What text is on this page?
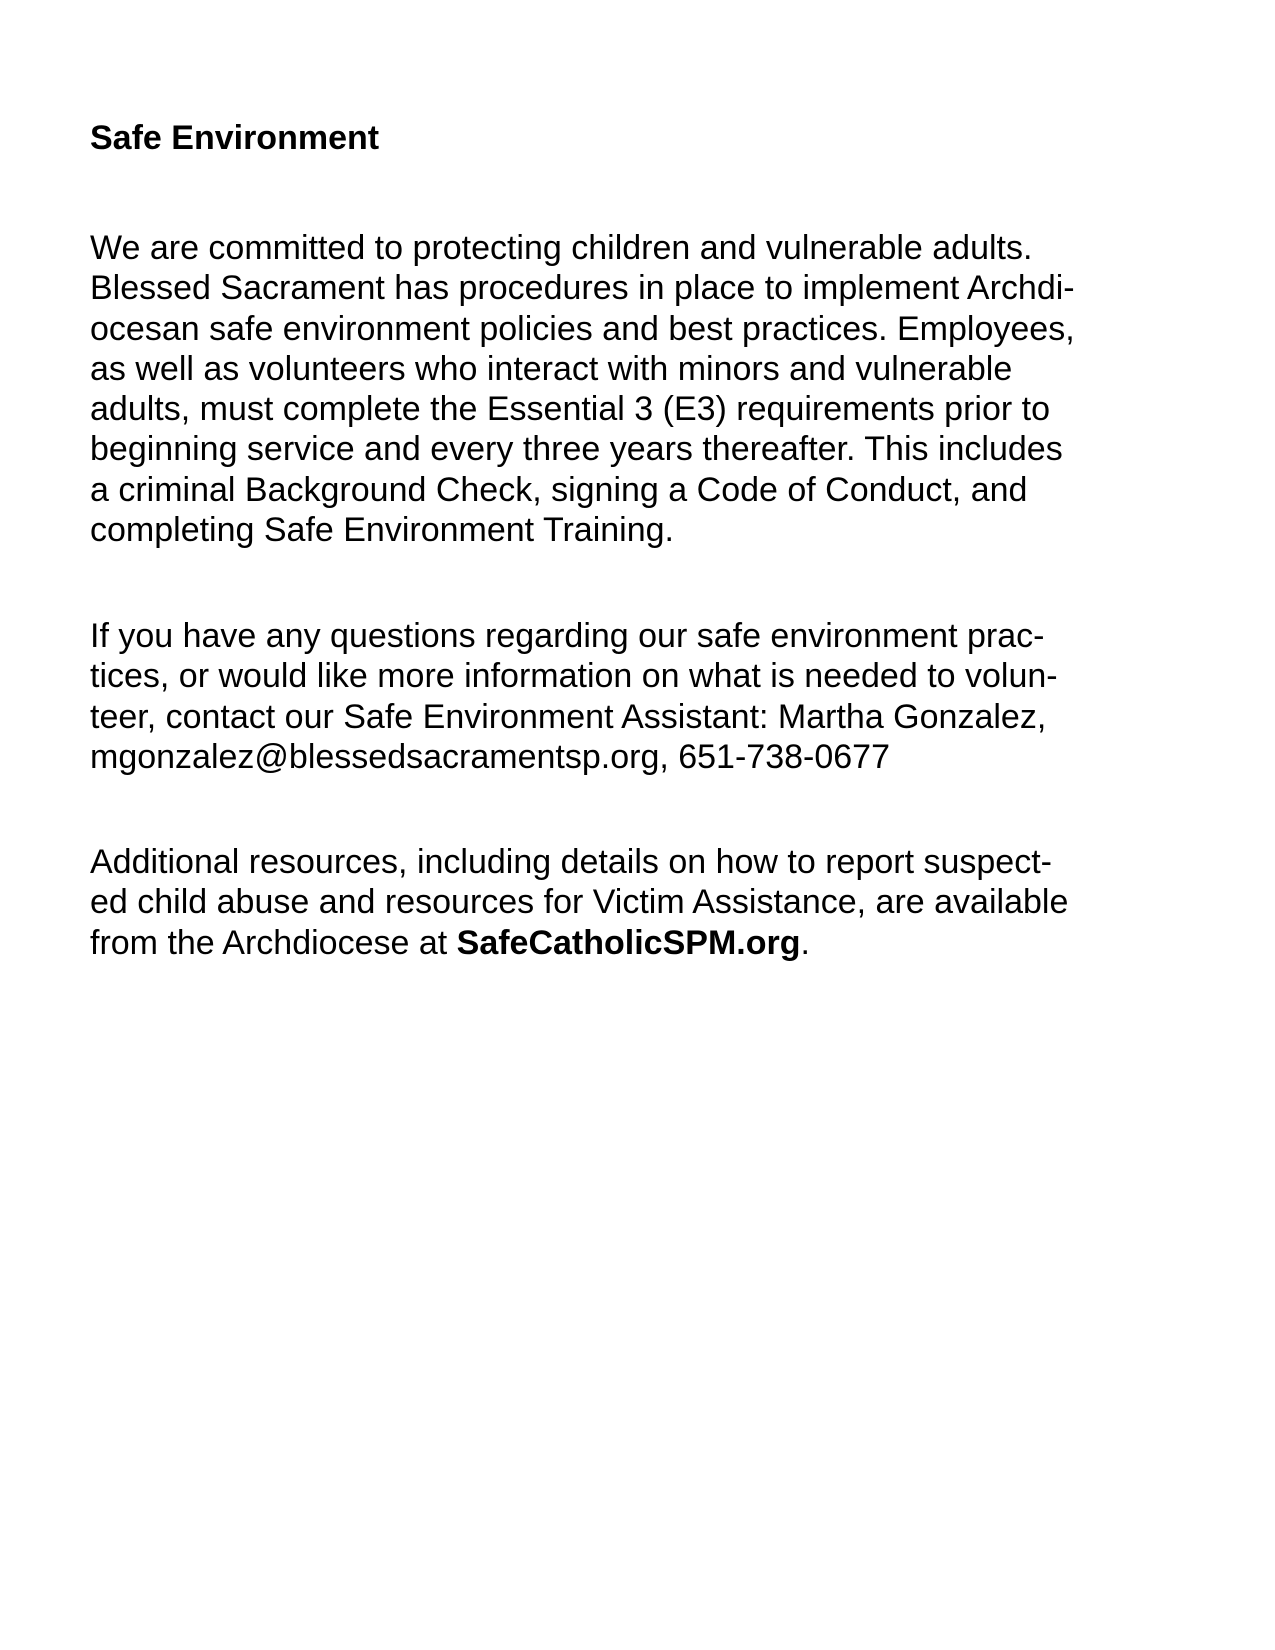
Safe Environment

We are committed to protecting children and vulnerable adults.
Blessed Sacrament has procedures in place to implement Archdi-
ocesan safe environment policies and best practices. Employees,
as well as volunteers who interact with minors and vulnerable
adults, must complete the Essential 3 (E3) requirements prior to
beginning service and every three years thereafter. This includes
a criminal Background Check, signing a Code of Conduct, and
completing Safe Environment Training.

If you have any questions regarding our safe environment prac-
tices, or would like more information on what is needed to volun-
teer, contact our Safe Environment Assistant: Martha Gonzalez,
mgonzalez@blessedsacramentsp.org, 651-738-0677

Additional resources, including details on how to report suspect-
ed child abuse and resources for Victim Assistance, are available
from the Archdiocese at SafeCatholicSPM.org.
